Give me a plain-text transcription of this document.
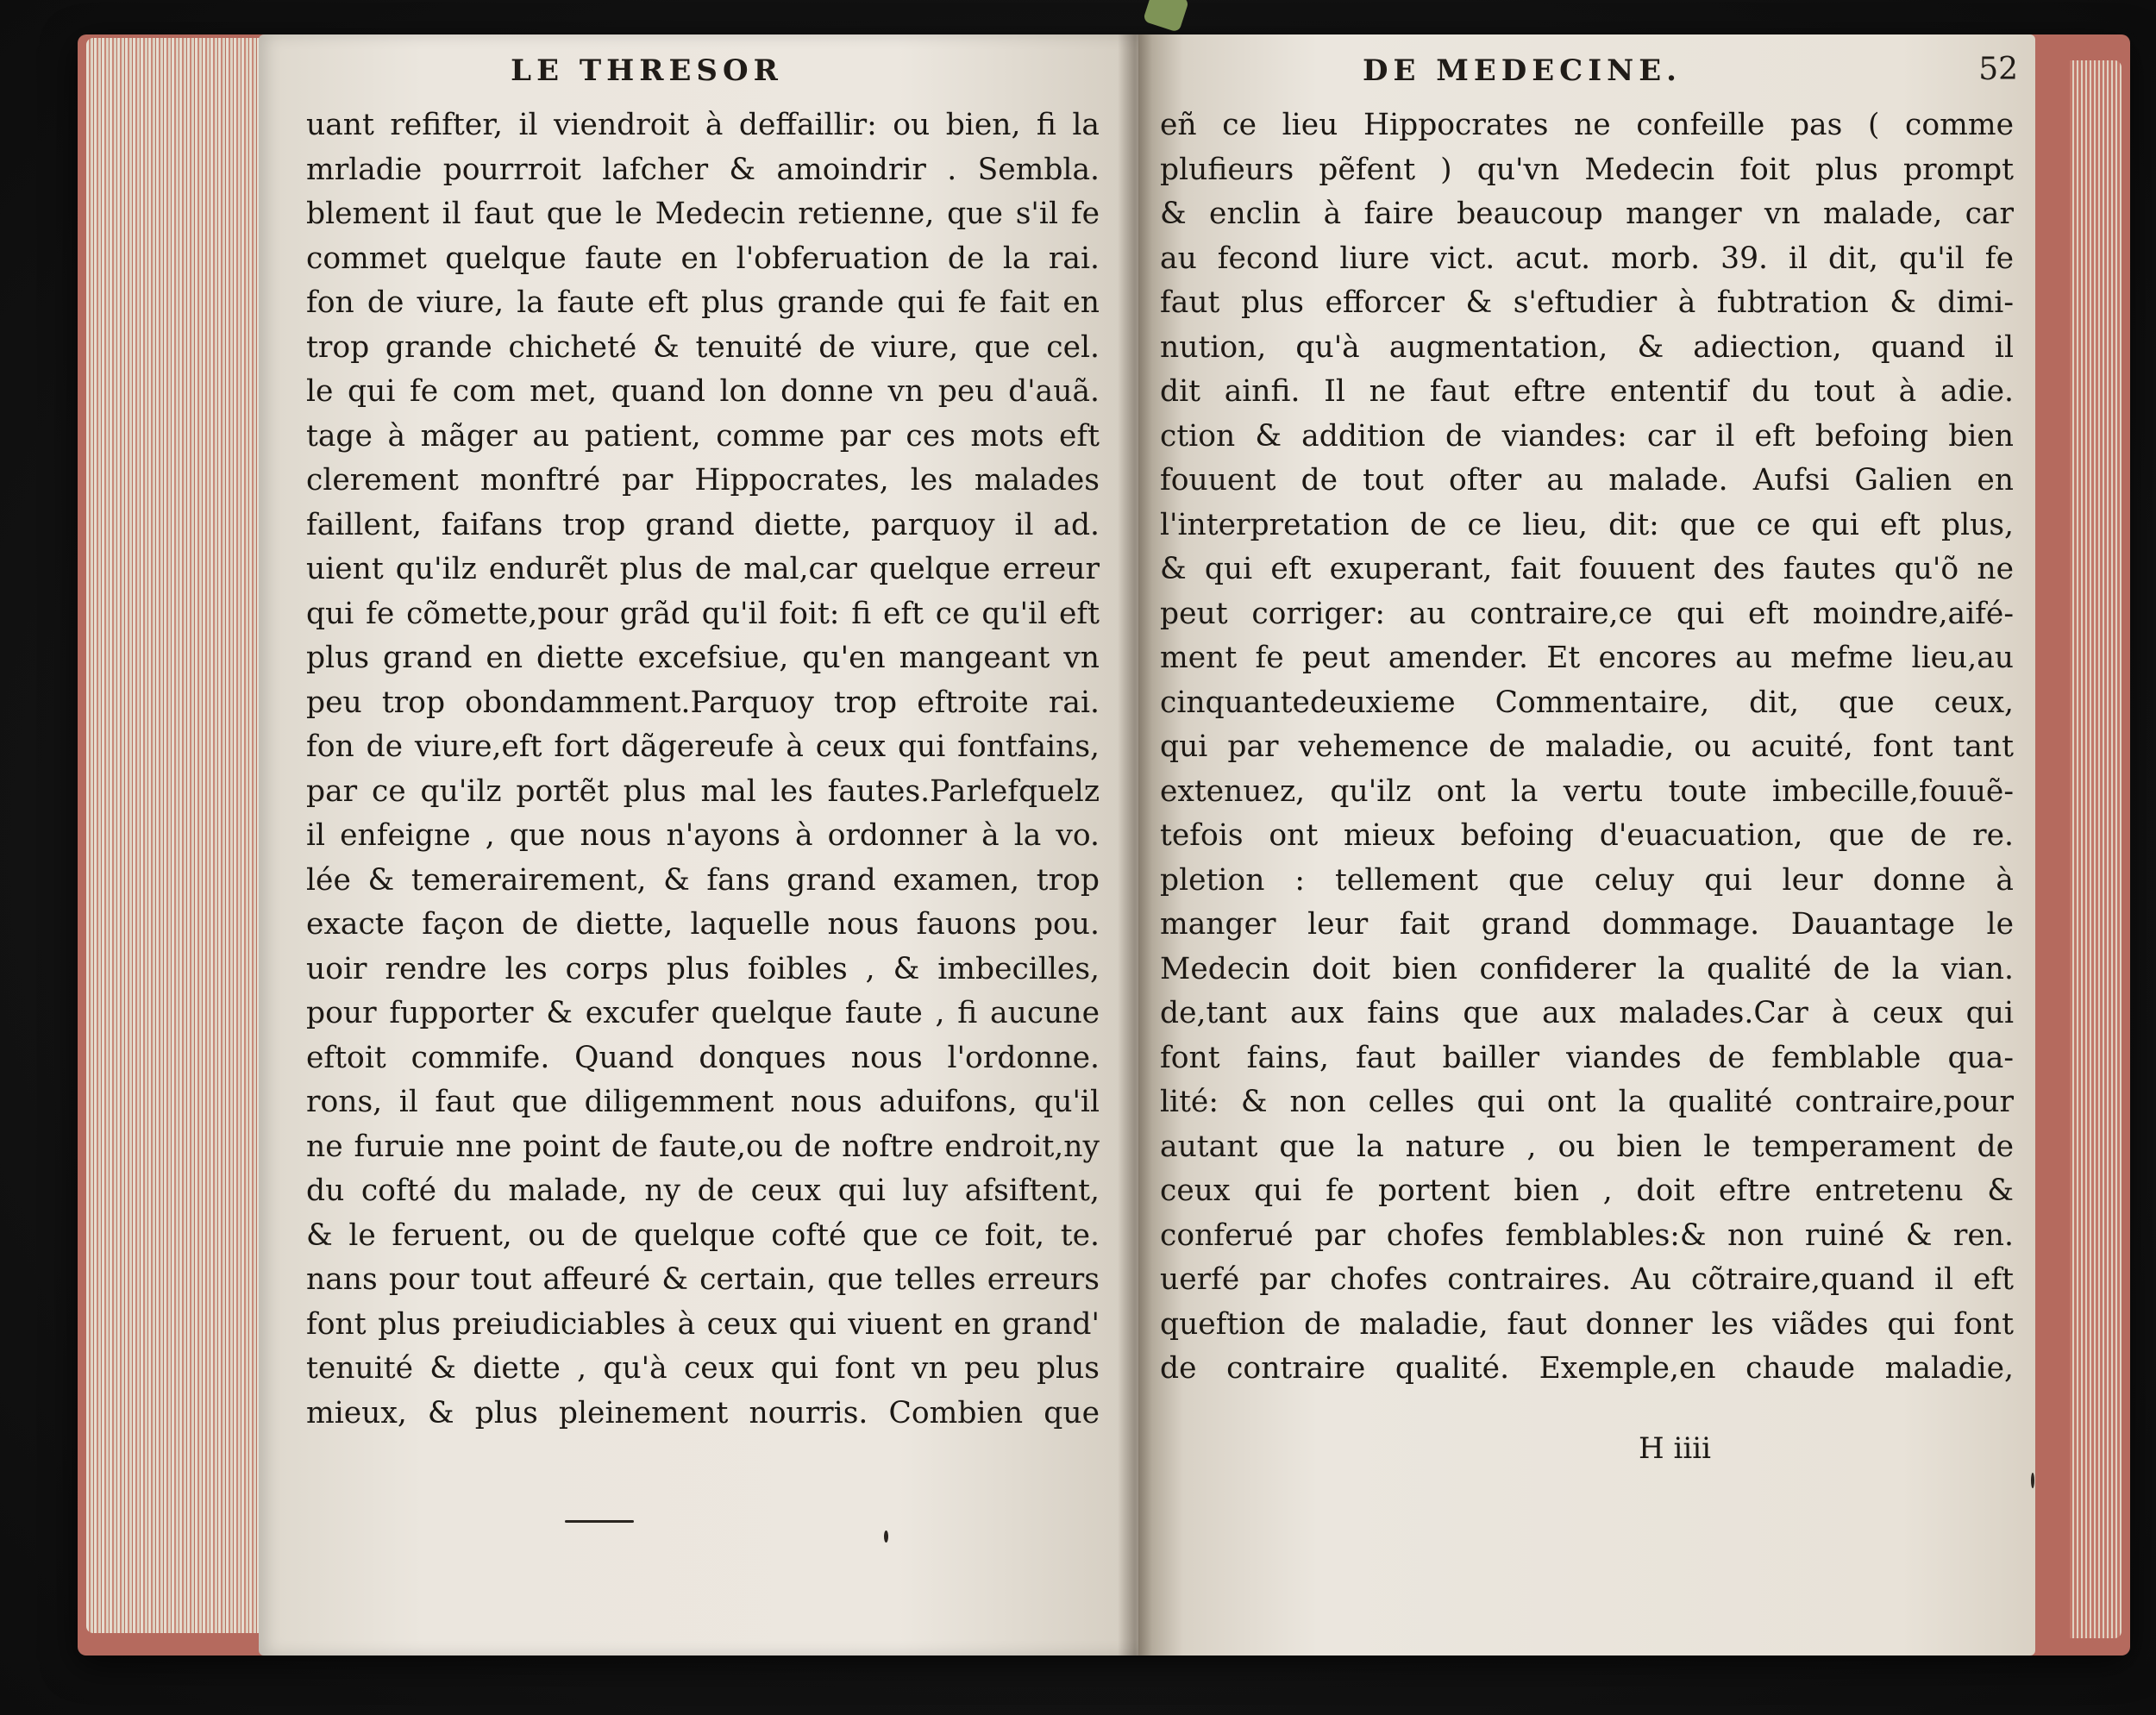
LE THRESOR	DE MEDECINE.	52
uant refifter, il viendroit à deffaillir: ou bien, fi la
mrladie pourrroit lafcher & amoindrir . Sembla.
blement il faut que le Medecin retienne, que s'il fe
commet quelque faute en l'obferuation de la rai.
fon de viure, la faute eft plus grande qui fe fait en
trop grande chicheté & tenuité de viure, que cel.
le qui fe com met, quand lon donne vn peu d'auã.
tage à mãger au patient, comme par ces mots eft
clerement monftré par Hippocrates, les malades
faillent, faifans trop grand diette, parquoy il ad.
uient qu'ilz endurẽt plus de mal,car quelque erreur
qui fe cõmette,pour grãd qu'il foit: fi eft ce qu'il eft
plus grand en diette excefsiue, qu'en mangeant vn
peu trop obondamment.Parquoy trop eftroite rai.
fon de viure,eft fort dãgereufe à ceux qui fontfains,
par ce qu'ilz portẽt plus mal les fautes.Parlefquelz
il enfeigne , que nous n'ayons à ordonner à la vo.
lée & temerairement, & fans grand examen, trop
exacte façon de diette, laquelle nous fauons pou.
uoir rendre les corps plus foibles , & imbecilles,
pour fupporter & excufer quelque faute , fi aucune
eftoit commife. Quand donques nous l'ordonne.
rons, il faut que diligemment nous aduifons, qu'il
ne furuie nne point de faute,ou de noftre endroit,ny
du cofté du malade, ny de ceux qui luy afsiftent,
& le feruent, ou de quelque cofté que ce foit, te.
nans pour tout affeuré & certain, que telles erreurs
font plus preiudiciables à ceux qui viuent en grand'
tenuité & diette , qu'à ceux qui font vn peu plus
mieux, & plus pleinement nourris. Combien que
eñ ce lieu Hippocrates ne confeille pas ( comme
plufieurs pẽfent ) qu'vn Medecin foit plus prompt
& enclin à faire beaucoup manger vn malade, car
au fecond liure vict. acut. morb. 39. il dit, qu'il fe
faut plus efforcer & s'eftudier à fubtration & dimi-
nution, qu'à augmentation, & adiection, quand il
dit ainfi. Il ne faut eftre ententif du tout à adie.
ction & addition de viandes: car il eft befoing bien
fouuent de tout ofter au malade. Aufsi Galien en
l'interpretation de ce lieu, dit: que ce qui eft plus,
& qui eft exuperant, fait fouuent des fautes qu'õ ne
peut corriger: au contraire,ce qui eft moindre,aifé-
ment fe peut amender. Et encores au mefme lieu,au
cinquantedeuxieme Commentaire, dit, que ceux,
qui par vehemence de maladie, ou acuité, font tant
extenuez, qu'ilz ont la vertu toute imbecille,fouuẽ-
tefois ont mieux befoing d'euacuation, que de re.
pletion : tellement que celuy qui leur donne à
manger leur fait grand dommage. Dauantage le
Medecin doit bien confiderer la qualité de la vian.
de,tant aux fains que aux malades.Car à ceux qui
font fains, faut bailler viandes de femblable qua-
lité: & non celles qui ont la qualité contraire,pour
autant que la nature , ou bien le temperament de
ceux qui fe portent bien , doit eftre entretenu &
conferué par chofes femblables:& non ruiné & ren.
uerfé par chofes contraires. Au cõtraire,quand il eft
queftion de maladie, faut donner les viãdes qui font
de contraire qualité. Exemple,en chaude maladie,
H iiii
